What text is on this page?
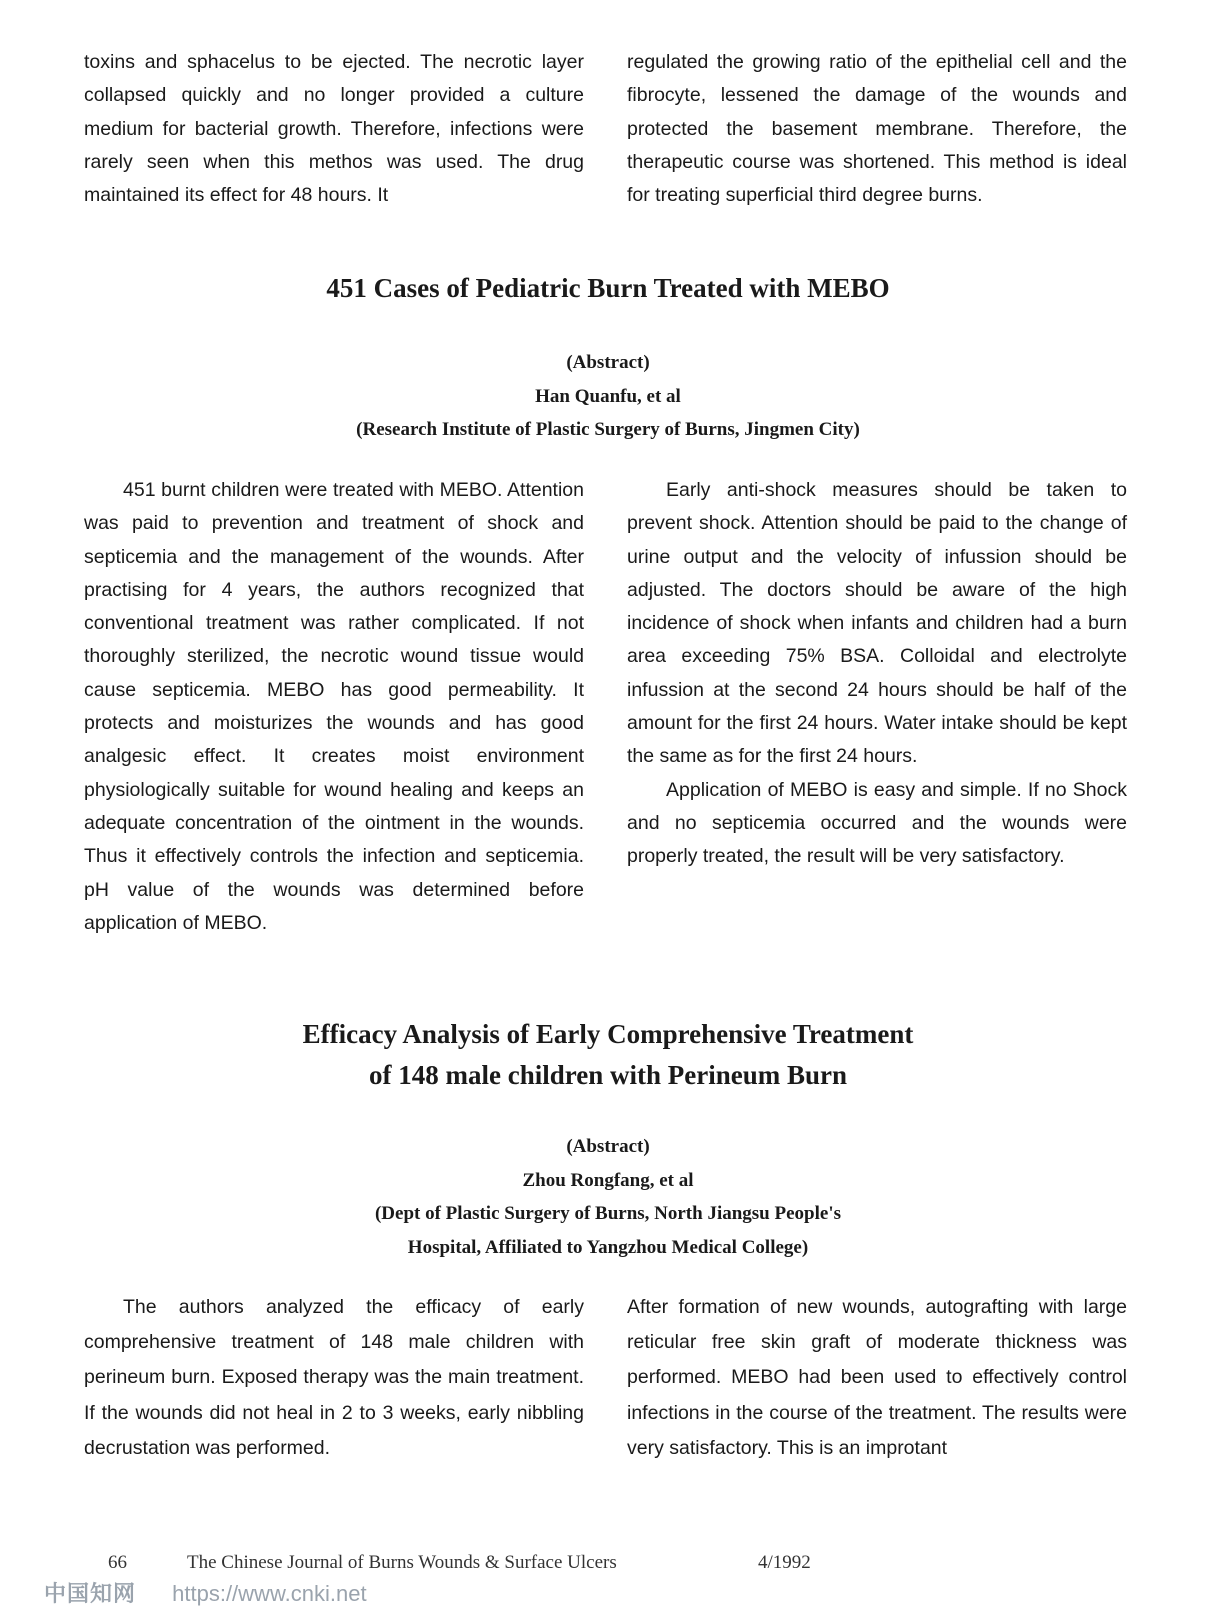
toxins and sphacelus to be ejected. The necrotic layer collapsed quickly and no longer provided a culture medium for bacterial growth. Therefore, infections were rarely seen when this methos was used. The drug maintained its effect for 48 hours. It

regulated the growing ratio of the epithelial cell and the fibrocyte, lessened the damage of the wounds and protected the basement membrane. Therefore, the therapeutic course was shortened. This method is ideal for treating superficial third degree burns.

451 Cases of Pediatric Burn Treated with MEBO
(Abstract)
Han Quanfu, et al
(Research Institute of Plastic Surgery of Burns, Jingmen City)

451 burnt children were treated with MEBO. Attention was paid to prevention and treatment of shock and septicemia and the management of the wounds. After practising for 4 years, the authors recognized that conventional treatment was rather complicated. If not thoroughly sterilized, the necrotic wound tissue would cause septicemia. MEBO has good permeability. It protects and moisturizes the wounds and has good analgesic effect. It creates moist environment physiologically suitable for wound healing and keeps an adequate concentration of the ointment in the wounds. Thus it effectively controls the infection and septicemia. pH value of the wounds was determined before application of MEBO.

Early anti-shock measures should be taken to prevent shock. Attention should be paid to the change of urine output and the velocity of infussion should be adjusted. The doctors should be aware of the high incidence of shock when infants and children had a burn area exceeding 75% BSA. Colloidal and electrolyte infussion at the second 24 hours should be half of the amount for the first 24 hours. Water intake should be kept the same as for the first 24 hours.

Application of MEBO is easy and simple. If no Shock and no septicemia occurred and the wounds were properly treated, the result will be very satisfactory.

Efficacy Analysis of Early Comprehensive Treatment
of 148 male children with Perineum Burn
(Abstract)
Zhou Rongfang, et al
(Dept of Plastic Surgery of Burns, North Jiangsu People's
Hospital, Affiliated to Yangzhou Medical College)

The authors analyzed the efficacy of early comprehensive treatment of 148 male children with perineum burn. Exposed therapy was the main treatment. If the wounds did not heal in 2 to 3 weeks, early nibbling decrustation was performed.

After formation of new wounds, autografting with large reticular free skin graft of moderate thickness was performed. MEBO had been used to effectively control infections in the course of the treatment. The results were very satisfactory. This is an improtant

66	The Chinese Journal of Burns Wounds & Surface Ulcers	4/1992
中国知网 https://www.cnki.net
